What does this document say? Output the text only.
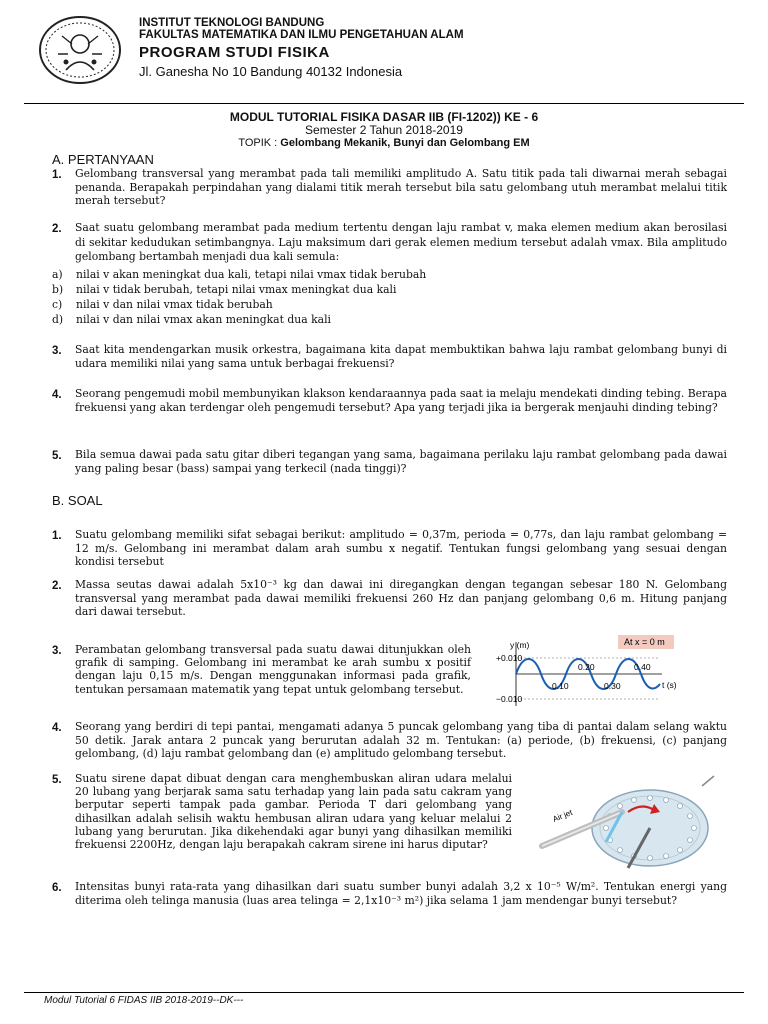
INSTITUT TEKNOLOGI BANDUNG
FAKULTAS MATEMATIKA DAN ILMU PENGETAHUAN ALAM
PROGRAM STUDI FISIKA
Jl. Ganesha No 10 Bandung 40132 Indonesia
MODUL TUTORIAL FISIKA DASAR IIB (FI-1202)) KE - 6
Semester 2 Tahun 2018-2019
TOPIK : Gelombang Mekanik, Bunyi dan Gelombang EM
A. PERTANYAAN
1. Gelombang transversal yang merambat pada tali memiliki amplitudo A. Satu titik pada tali diwarnai merah sebagai penanda. Berapakah perpindahan yang dialami titik merah tersebut bila satu gelombang utuh merambat melalui titik merah tersebut?
2. Saat suatu gelombang merambat pada medium tertentu dengan laju rambat v, maka elemen medium akan berosilasi di sekitar kedudukan setimbangnya. Laju maksimum dari gerak elemen medium tersebut adalah vmax. Bila amplitudo gelombang bertambah menjadi dua kali semula:
a) nilai v akan meningkat dua kali, tetapi nilai vmax tidak berubah
b) nilai v tidak berubah, tetapi nilai vmax meningkat dua kali
c) nilai v dan nilai vmax tidak berubah
d) nilai v dan nilai vmax akan meningkat dua kali
3. Saat kita mendengarkan musik orkestra, bagaimana kita dapat membuktikan bahwa laju rambat gelombang bunyi di udara memiliki nilai yang sama untuk berbagai frekuensi?
4. Seorang pengemudi mobil membunyikan klakson kendaraannya pada saat ia melaju mendekati dinding tebing. Berapa frekuensi yang akan terdengar oleh pengemudi tersebut? Apa yang terjadi jika ia bergerak menjauhi dinding tebing?
5. Bila semua dawai pada satu gitar diberi tegangan yang sama, bagaimana perilaku laju rambat gelombang pada dawai yang paling besar (bass) sampai yang terkecil (nada tinggi)?
B. SOAL
1. Suatu gelombang memiliki sifat sebagai berikut: amplitudo = 0,37m, perioda = 0,77s, dan laju rambat gelombang = 12 m/s. Gelombang ini merambat dalam arah sumbu x negatif. Tentukan fungsi gelombang yang sesuai dengan kondisi tersebut
2. Massa seutas dawai adalah 5x10⁻³ kg dan dawai ini diregangkan dengan tegangan sebesar 180 N. Gelombang transversal yang merambat pada dawai memiliki frekuensi 260 Hz dan panjang gelombang 0,6 m. Hitung panjang dari dawai tersebut.
3. Perambatan gelombang transversal pada suatu dawai ditunjukkan oleh grafik di samping. Gelombang ini merambat ke arah sumbu x positif dengan laju 0,15 m/s. Dengan menggunakan informasi pada grafik, tentukan persamaan matematik yang tepat untuk gelombang tersebut.
At x = 0 m
y (m)
+0.010
−0.010
0.10
0.20
0.30
0.40
t (s)
4. Seorang yang berdiri di tepi pantai, mengamati adanya 5 puncak gelombang yang tiba di pantai dalam selang waktu 50 detik. Jarak antara 2 puncak yang berurutan adalah 32 m. Tentukan: (a) periode, (b) frekuensi, (c) panjang gelombang, (d) laju rambat gelombang dan (e) amplitudo gelombang tersebut.
5. Suatu sirene dapat dibuat dengan cara menghembuskan aliran udara melalui 20 lubang yang berjarak sama satu terhadap yang lain pada satu cakram yang berputar seperti tampak pada gambar. Perioda T dari gelombang yang dihasilkan adalah selisih waktu hembusan aliran udara yang keluar melalui 2 lubang yang berurutan. Jika dikehendaki agar bunyi yang dihasilkan memiliki frekuensi 2200Hz, dengan laju berapakah cakram sirene ini harus diputar?
Air jet
6. Intensitas bunyi rata-rata yang dihasilkan dari suatu sumber bunyi adalah 3,2 x 10⁻⁵ W/m². Tentukan energi yang diterima oleh telinga manusia (luas area telinga = 2,1x10⁻³ m²) jika selama 1 jam mendengar bunyi tersebut?
Modul Tutorial 6 FIDAS IIB 2018-2019--DK---
